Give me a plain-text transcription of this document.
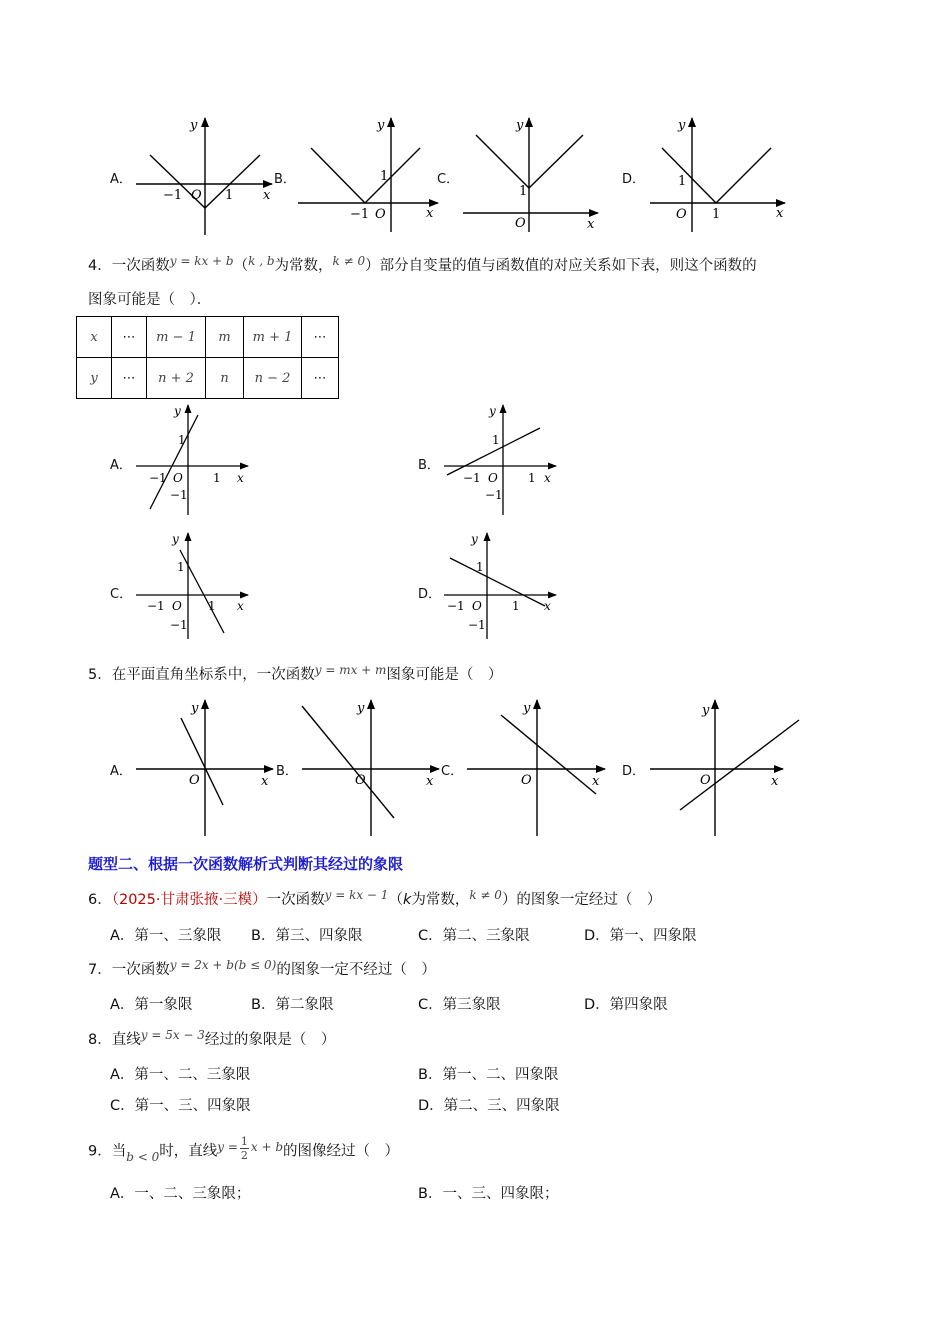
A．	B．	C．	D．
y
x
O
−1	1
y
x
O
−1
1
y
x
O
1
y
x
O
1
1
4．一次函数$^{y = kx + b}$（$^{k , b}$为常数，$^{k \ne 0}$）部分自变量的值与函数值的对应关系如下表，则这个函数的
图象可能是（　）．
x	⋯	m − 1	m	m + 1	⋯
y	⋯	n + 2	n	n − 2	⋯
A．	B．
C．	D．
y
x
O
−1	1
1
−1
y
x
O
−1	1
1
−1
y
x
O
−1	1
1
−1
y
x
O
−1	1
1
−1
5．在平面直角坐标系中，一次函数$^{y = mx + m}$图象可能是（　）
A．	B．	C．	D．
y
x
O
y
x
O
y
x
O
y
x
O
题型二、根据一次函数解析式判断其经过的象限
6．（2025·甘肃张掖·三模）一次函数$^{y = kx - 1}$（k为常数，$^{k \ne 0}$）的图象一定经过（　）
A．第一、三象限 B．第三、四象限	C．第二、三象限	D．第一、四象限
7．一次函数$^{y = 2x + b(b \le 0)}$的图象一定不经过（　）
A．第一象限	B．第二象限	C．第三象限	D．第四象限
8．直线$^{y = 5x - 3}$经过的象限是（　）
A．第一、二、三象限	B．第一、二、四象限
C．第一、三、四象限	D．第二、三、四象限
9．当$_{b < 0}$时，直线$^{y =} \frac{1}{2} ^{x + b}$的图像经过（　）
A．一、二、三象限；	B．一、三、四象限；
